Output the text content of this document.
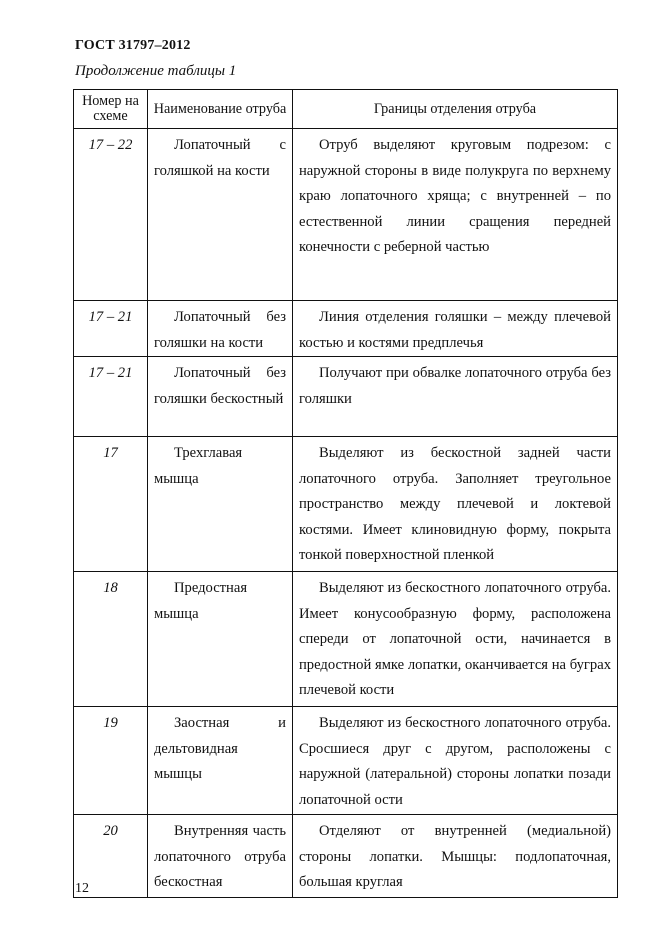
ГОСТ 31797–2012
Продолжение таблицы 1
Номер на схеме	Наименование отруба	Границы отделения отруба
17 – 22	Лопаточный с голяшкой на кости	Отруб выделяют круговым подрезом: с наружной стороны в виде полукруга по верхнему краю лопаточного хряща; с внутренней – по естественной линии сращения передней конечности с реберной частью
17 – 21	Лопаточный без голяшки на кости	Линия отделения голяшки – между плечевой костью и костями предплечья
17 – 21	Лопаточный без голяшки бескостный	Получают при обвалке лопаточного отруба без голяшки
17	Трехглавая мышца	Выделяют из бескостной задней части лопаточного отруба. Заполняет треугольное пространство между плечевой и локтевой костями. Имеет клиновидную форму, покрыта тонкой поверхностной пленкой
18	Предостная мышца	Выделяют из бескостного лопаточного отруба. Имеет конусообразную форму, расположена спереди от лопаточной ости, начинается в предостной ямке лопатки, оканчивается на буграх плечевой кости
19	Заостная и дельтовидная мышцы	Выделяют из бескостного лопаточного отруба. Сросшиеся друг с другом, расположены с наружной (латеральной) стороны лопатки позади лопаточной ости
20	Внутренняя часть лопаточного отруба бескостная	Отделяют от внутренней (медиальной) стороны лопатки. Мышцы: подлопаточная, большая круглая
12
